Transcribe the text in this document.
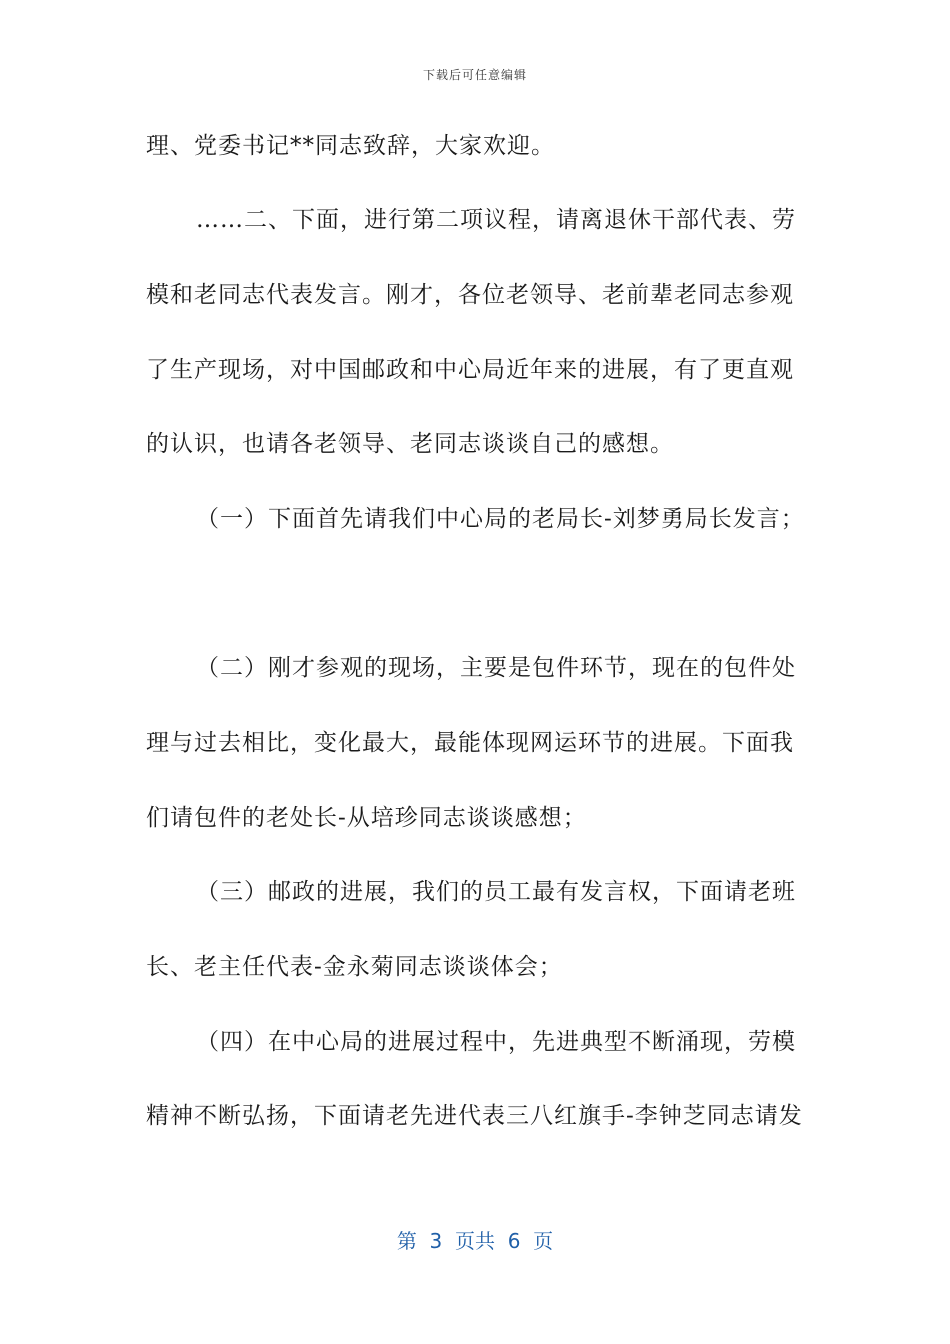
下载后可任意编辑
理、党委书记**同志致辞，大家欢迎。
……二、下面，进行第二项议程，请离退休干部代表、劳
模和老同志代表发言。刚才，各位老领导、老前辈老同志参观
了生产现场，对中国邮政和中心局近年来的进展，有了更直观
的认识，也请各老领导、老同志谈谈自己的感想。
（一）下面首先请我们中心局的老局长-刘梦勇局长发言；
（二）刚才参观的现场，主要是包件环节，现在的包件处
理与过去相比，变化最大，最能体现网运环节的进展。下面我
们请包件的老处长-从培珍同志谈谈感想；
（三）邮政的进展，我们的员工最有发言权，下面请老班
长、老主任代表-金永菊同志谈谈体会；
（四）在中心局的进展过程中，先进典型不断涌现，劳模
精神不断弘扬，下面请老先进代表三八红旗手-李钟芝同志请发
第  3  页共  6  页
